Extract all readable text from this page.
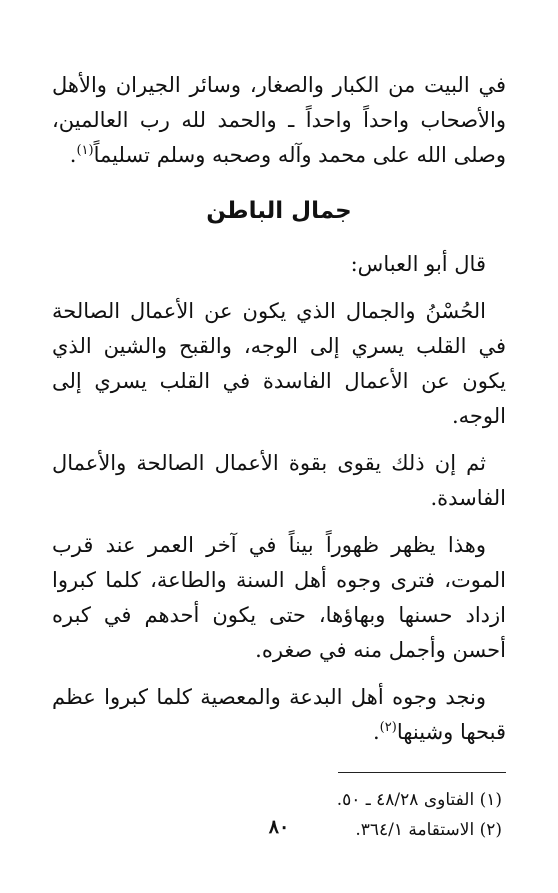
في البيت من الكبار والصغار، وسائر الجيران والأهل والأصحاب واحداً واحداً ـ والحمد لله رب العالمين، وصلى الله على محمد وآله وصحبه وسلم تسليماً$^{(١)}$.

جمال الباطن
قال أبو العباس:

الحُسْنُ والجمال الذي يكون عن الأعمال الصالحة في القلب يسري إلى الوجه، والقبح والشين الذي يكون عن الأعمال الفاسدة في القلب يسري إلى الوجه.

ثم إن ذلك يقوى بقوة الأعمال الصالحة والأعمال الفاسدة.

وهذا يظهر ظهوراً بيناً في آخر العمر عند قرب الموت، فترى وجوه أهل السنة والطاعة، كلما كبروا ازداد حسنها وبهاؤها، حتى يكون أحدهم في كبره أحسن وأجمل منه في صغره.

ونجد وجوه أهل البدعة والمعصية كلما كبروا عظم قبحها وشينها$^{(٢)}$.

(١) الفتاوى ٤٨/٢٨ ـ ٥٠.

(٢) الاستقامة ٣٦٤/١.

٨٠
